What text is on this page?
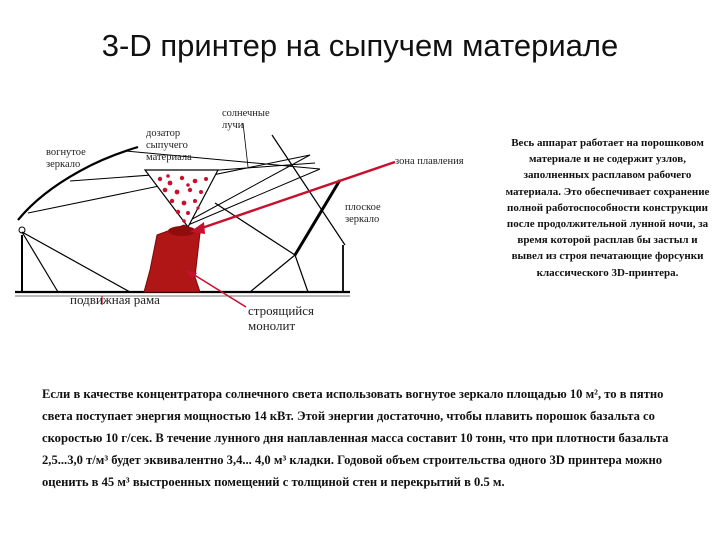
3-D принтер на сыпучем материале
вогнутое зеркало
солнечные лучи
дозатор сыпучего материала	зона плавления
плоское зеркало
подвижная рама
строящийся монолит
Весь аппарат работает на порошковом материале и не содержит узлов, заполненных расплавом рабочего материала. Это обеспечивает сохранение полной работоспособности конструкции после продолжительной лунной ночи, за время которой расплав бы застыл и вывел из строя печатающие форсунки классического 3D-принтера.

Если в качестве концентратора солнечного света использовать вогнутое зеркало площадью 10 м², то в пятно света поступает энергия мощностью 14 кВт. Этой энергии достаточно, чтобы плавить порошок базальта со скоростью 10 г/сек. В течение лунного дня наплавленная масса составит 10 тонн, что при плотности базальта 2,5...3,0 т/м³ будет эквивалентно 3,4... 4,0 м³ кладки. Годовой объем строительства одного 3D принтера можно оценить в 45 м³ выстроенных помещений с толщиной стен и перекрытий в 0.5 м.
